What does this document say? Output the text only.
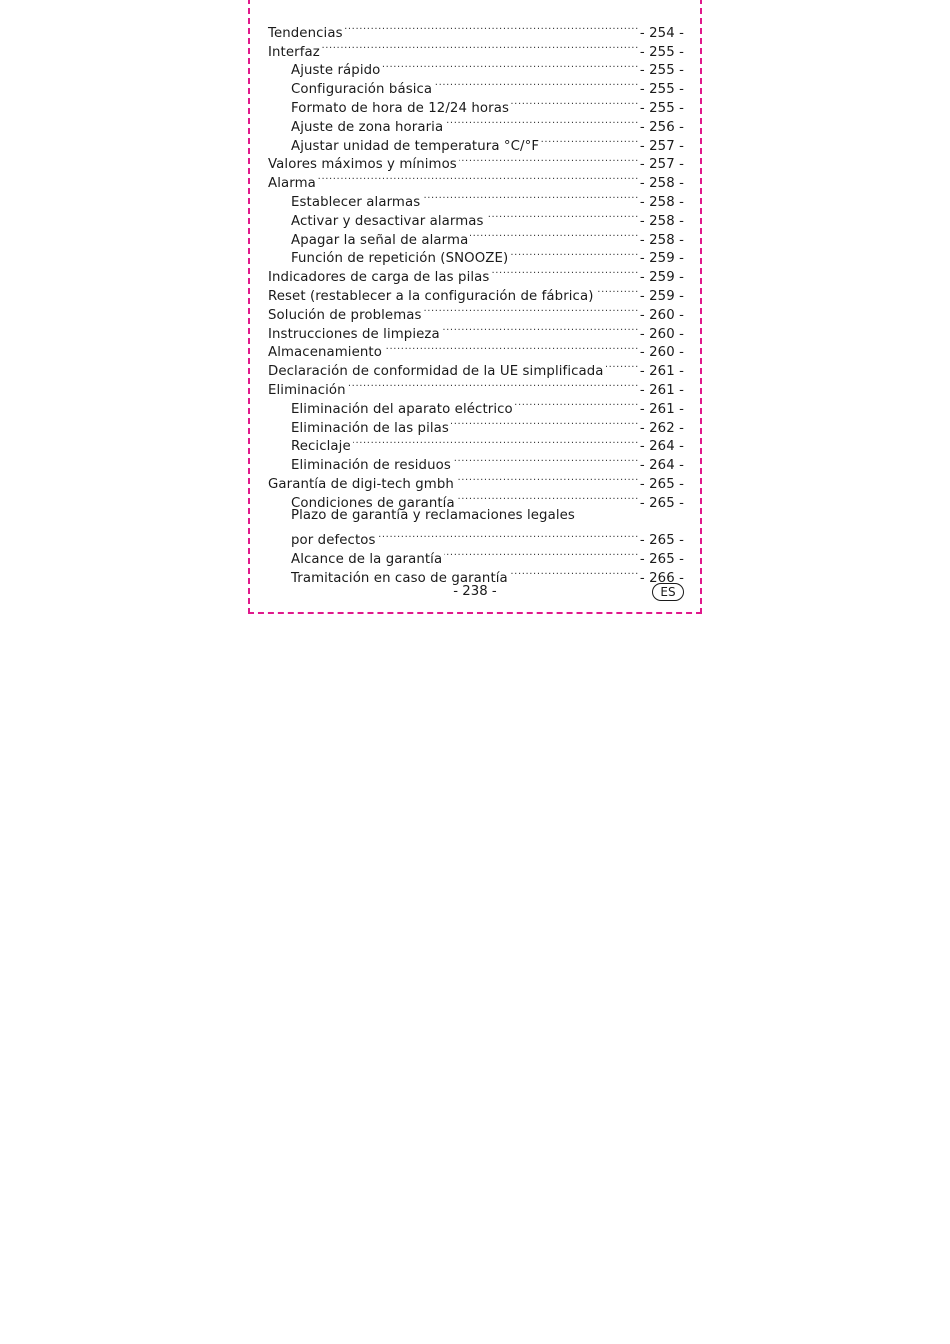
Tendencias .....	- 254 -
Interfaz .....	- 255 -
Ajuste rápido .....	- 255 -
Configuración básica .....	- 255 -
Formato de hora de 12/24 horas .....	- 255 -
Ajuste de zona horaria .....	- 256 -
Ajustar unidad de temperatura °C/°F .....	- 257 -
Valores máximos y mínimos .....	- 257 -
Alarma .....	- 258 -
Establecer alarmas .....	- 258 -
Activar y desactivar alarmas .....	- 258 -
Apagar la señal de alarma .....	- 258 -
Función de repetición (SNOOZE) .....	- 259 -
Indicadores de carga de las pilas .....	- 259 -
Reset (restablecer a la configuración de fábrica) .....	- 259 -
Solución de problemas .....	- 260 -
Instrucciones de limpieza .....	- 260 -
Almacenamiento .....	- 260 -
Declaración de conformidad de la UE simplificada .....	- 261 -
Eliminación .....	- 261 -
Eliminación del aparato eléctrico .....	- 261 -
Eliminación de las pilas .....	- 262 -
Reciclaje .....	- 264 -
Eliminación de residuos .....	- 264 -
Garantía de digi-tech gmbh .....	- 265 -
Condiciones de garantía .....	- 265 -
Plazo de garantía y reclamaciones legales
por defectos .....	- 265 -
Alcance de la garantía .....	- 265 -
Tramitación en caso de garantía .....	- 266 -
- 238 -	ES
